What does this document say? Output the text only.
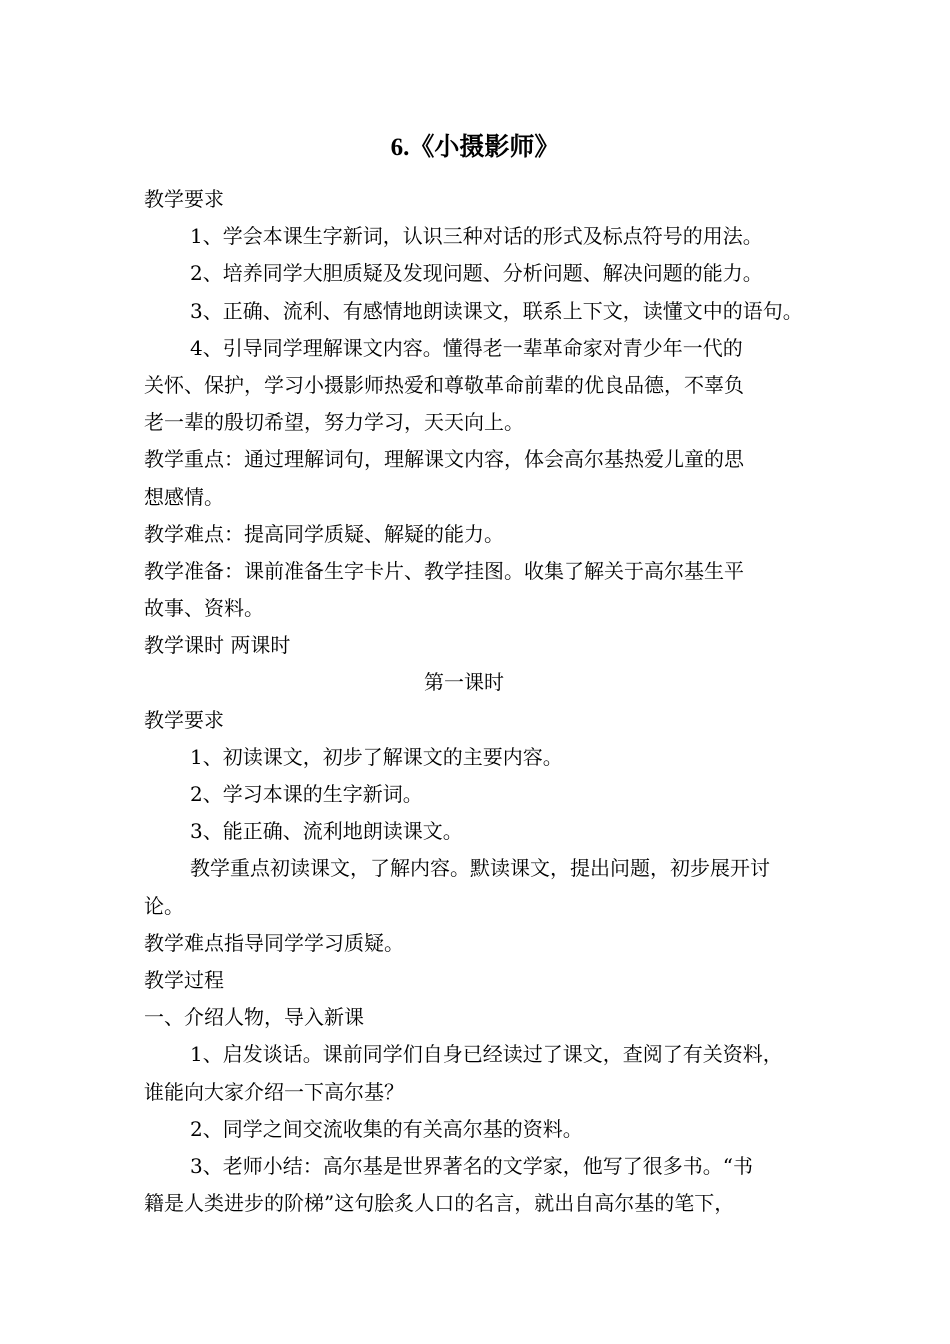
6.《小摄影师》
教学要求
1、学会本课生字新词，认识三种对话的形式及标点符号的用法。
2、培养同学大胆质疑及发现问题、分析问题、解决问题的能力。
3、正确、流利、有感情地朗读课文，联系上下文，读懂文中的语句。
4、引导同学理解课文内容。懂得老一辈革命家对青少年一代的
关怀、保护，学习小摄影师热爱和尊敬革命前辈的优良品德，不辜负
老一辈的殷切希望，努力学习，天天向上。
教学重点：通过理解词句，理解课文内容，体会高尔基热爱儿童的思
想感情。
教学难点：提高同学质疑、解疑的能力。
教学准备：课前准备生字卡片、教学挂图。收集了解关于高尔基生平
故事、资料。
教学课时 两课时
第一课时
教学要求
1、初读课文，初步了解课文的主要内容。
2、学习本课的生字新词。
3、能正确、流利地朗读课文。
教学重点初读课文，了解内容。默读课文，提出问题，初步展开讨
论。
教学难点指导同学学习质疑。
教学过程
一、介绍人物，导入新课
1、启发谈话。课前同学们自身已经读过了课文，查阅了有关资料，
谁能向大家介绍一下高尔基？
2、同学之间交流收集的有关高尔基的资料。
3、老师小结：高尔基是世界著名的文学家，他写了很多书。“书
籍是人类进步的阶梯”这句脍炙人口的名言，就出自高尔基的笔下，
